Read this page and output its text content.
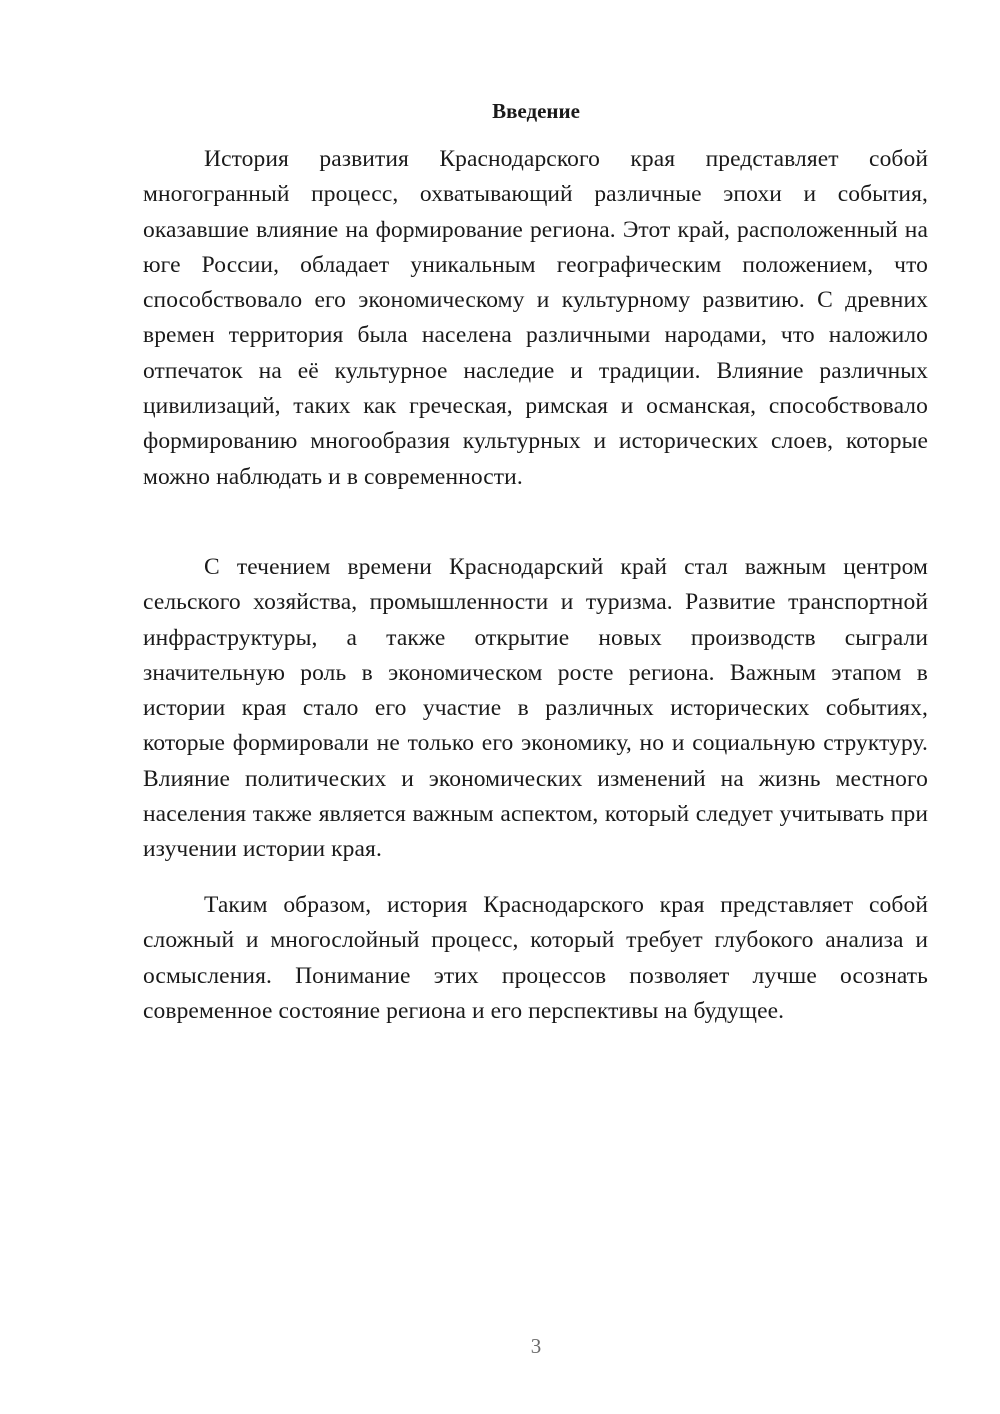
Введение

История развития Краснодарского края представляет собой многогранный процесс, охватывающий различные эпохи и события, оказавшие влияние на формирование региона. Этот край, расположенный на юге России, обладает уникальным географическим положением, что способствовало его экономическому и культурному развитию. С древних времен территория была населена различными народами, что наложило отпечаток на её культурное наследие и традиции. Влияние различных цивилизаций, таких как греческая, римская и османская, способствовало формированию многообразия культурных и исторических слоев, которые можно наблюдать и в современности.

С течением времени Краснодарский край стал важным центром сельского хозяйства, промышленности и туризма. Развитие транспортной инфраструктуры, а также открытие новых производств сыграли значительную роль в экономическом росте региона. Важным этапом в истории края стало его участие в различных исторических событиях, которые формировали не только его экономику, но и социальную структуру. Влияние политических и экономических изменений на жизнь местного населения также является важным аспектом, который следует учитывать при изучении истории края.

Таким образом, история Краснодарского края представляет собой сложный и многослойный процесс, который требует глубокого анализа и осмысления. Понимание этих процессов позволяет лучше осознать современное состояние региона и его перспективы на будущее.

3
